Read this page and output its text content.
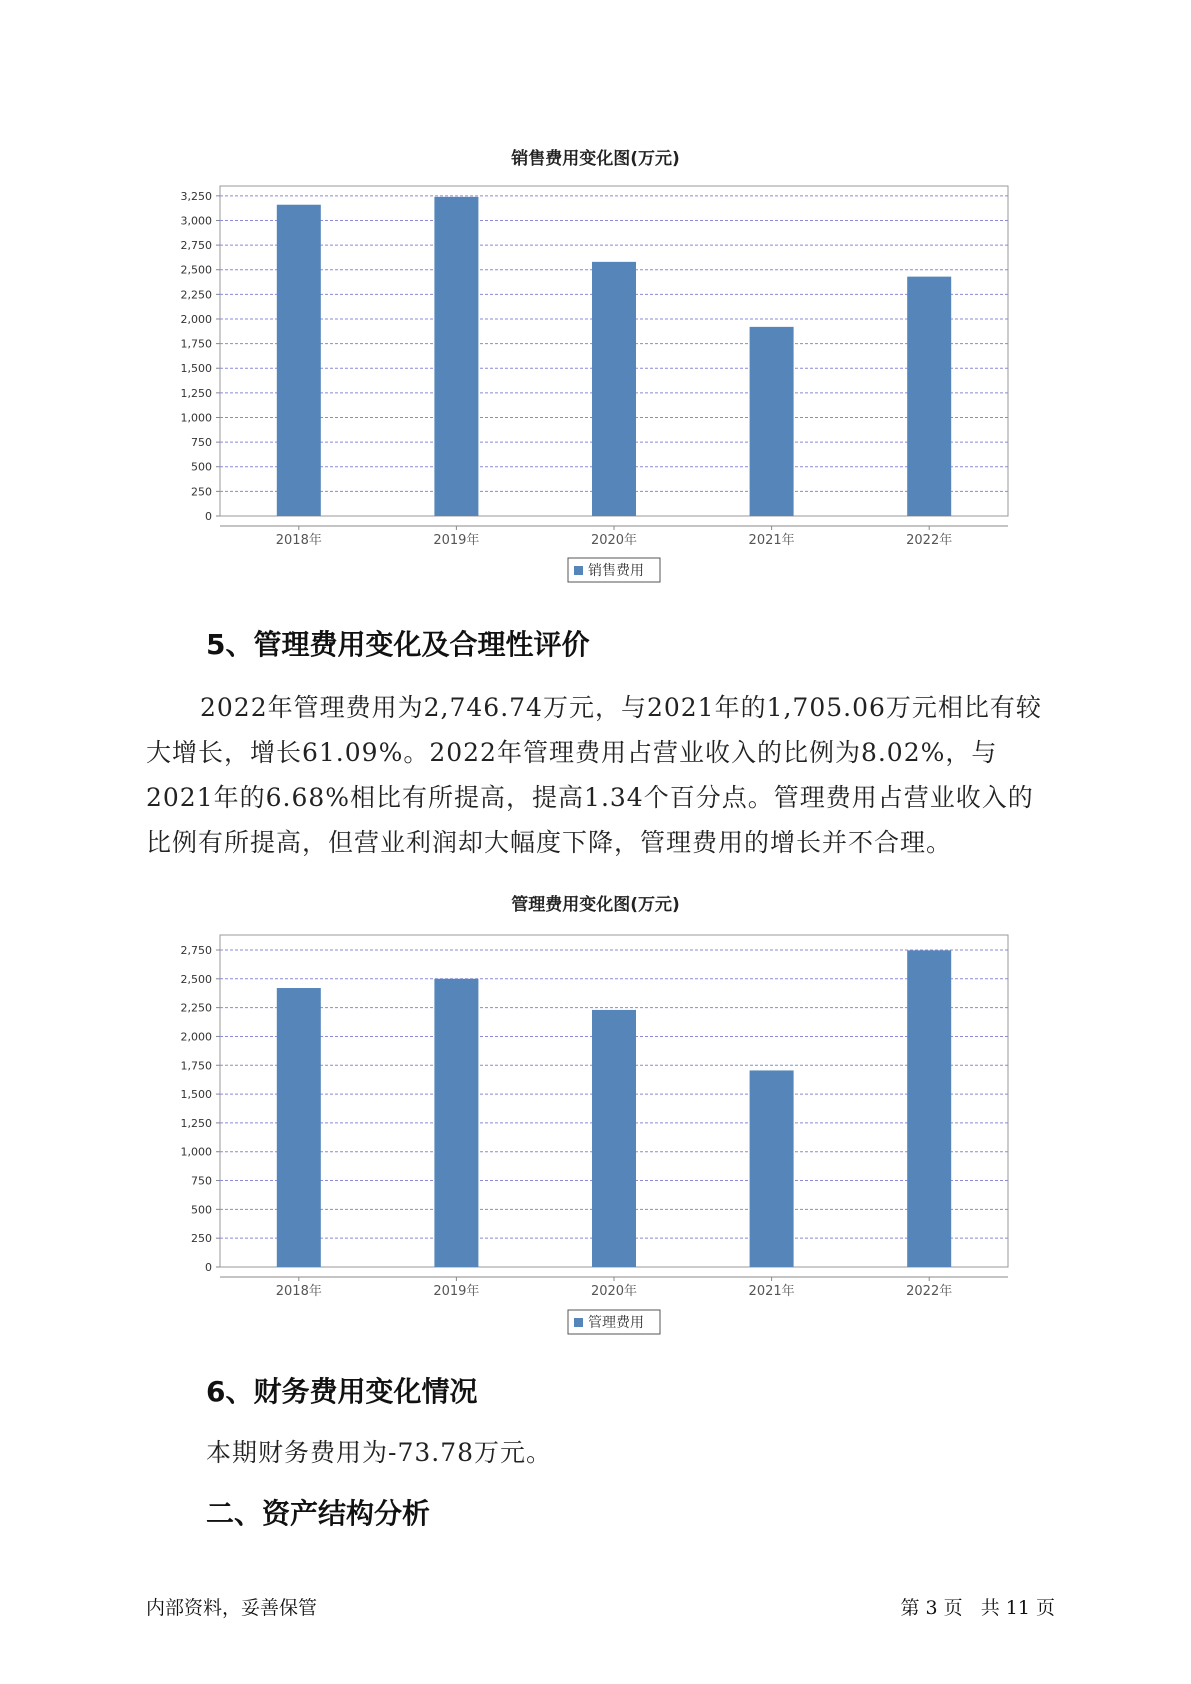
销售费用变化图(万元)
0
250
500
750
1,000
1,250
1,500
1,750
2,000
2,250
2,500
2,750
3,000
3,250
2018年	2019年	2020年	2021年	2022年
销售费用
5、管理费用变化及合理性评价

2022年管理费用为2,746.74万元，与2021年的1,705.06万元相比有较大增长，增长61.09%。2022年管理费用占营业收入的比例为8.02%，与2021年的6.68%相比有所提高，提高1.34个百分点。管理费用占营业收入的比例有所提高，但营业利润却大幅度下降，管理费用的增长并不合理。

管理费用变化图(万元)
0
250
500
750
1,000
1,250
1,500
1,750
2,000
2,250
2,500
2,750
2018年	2019年	2020年	2021年	2022年
管理费用
6、财务费用变化情况

本期财务费用为-73.78万元。

二、资产结构分析
内部资料，妥善保管	第 3 页   共 11 页
